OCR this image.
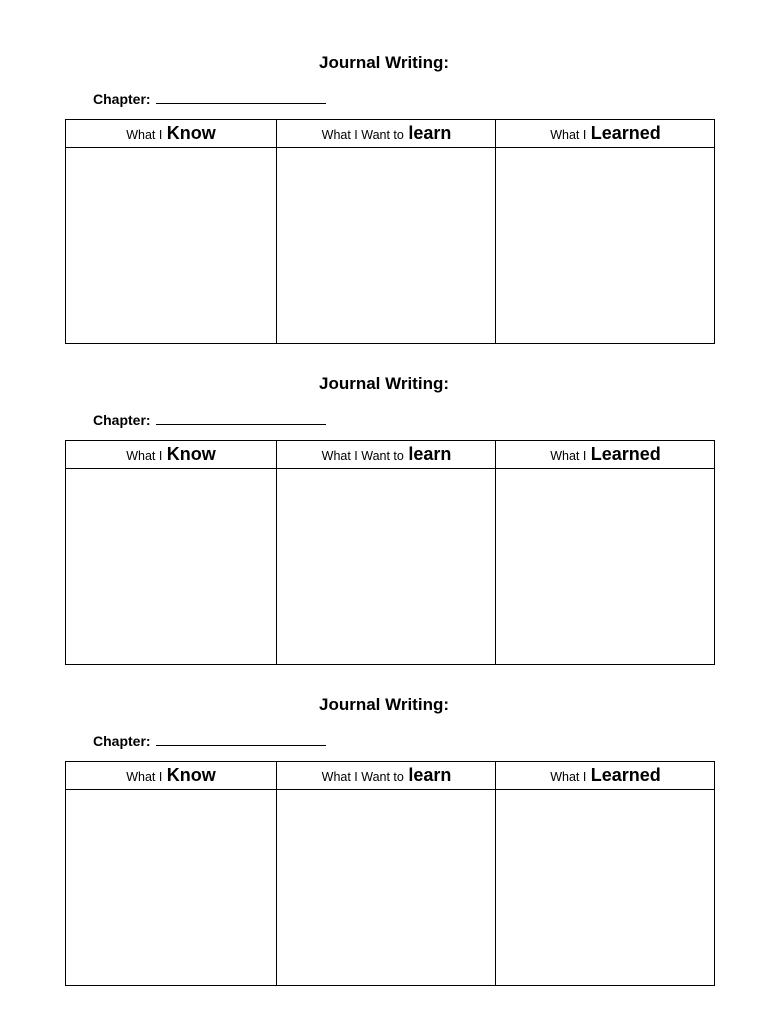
Journal Writing:
Chapter:
What I Know	What I Want to learn	What I Learned
Journal Writing:
Chapter:
What I Know	What I Want to learn	What I Learned
Journal Writing:
Chapter:
What I Know	What I Want to learn	What I Learned
